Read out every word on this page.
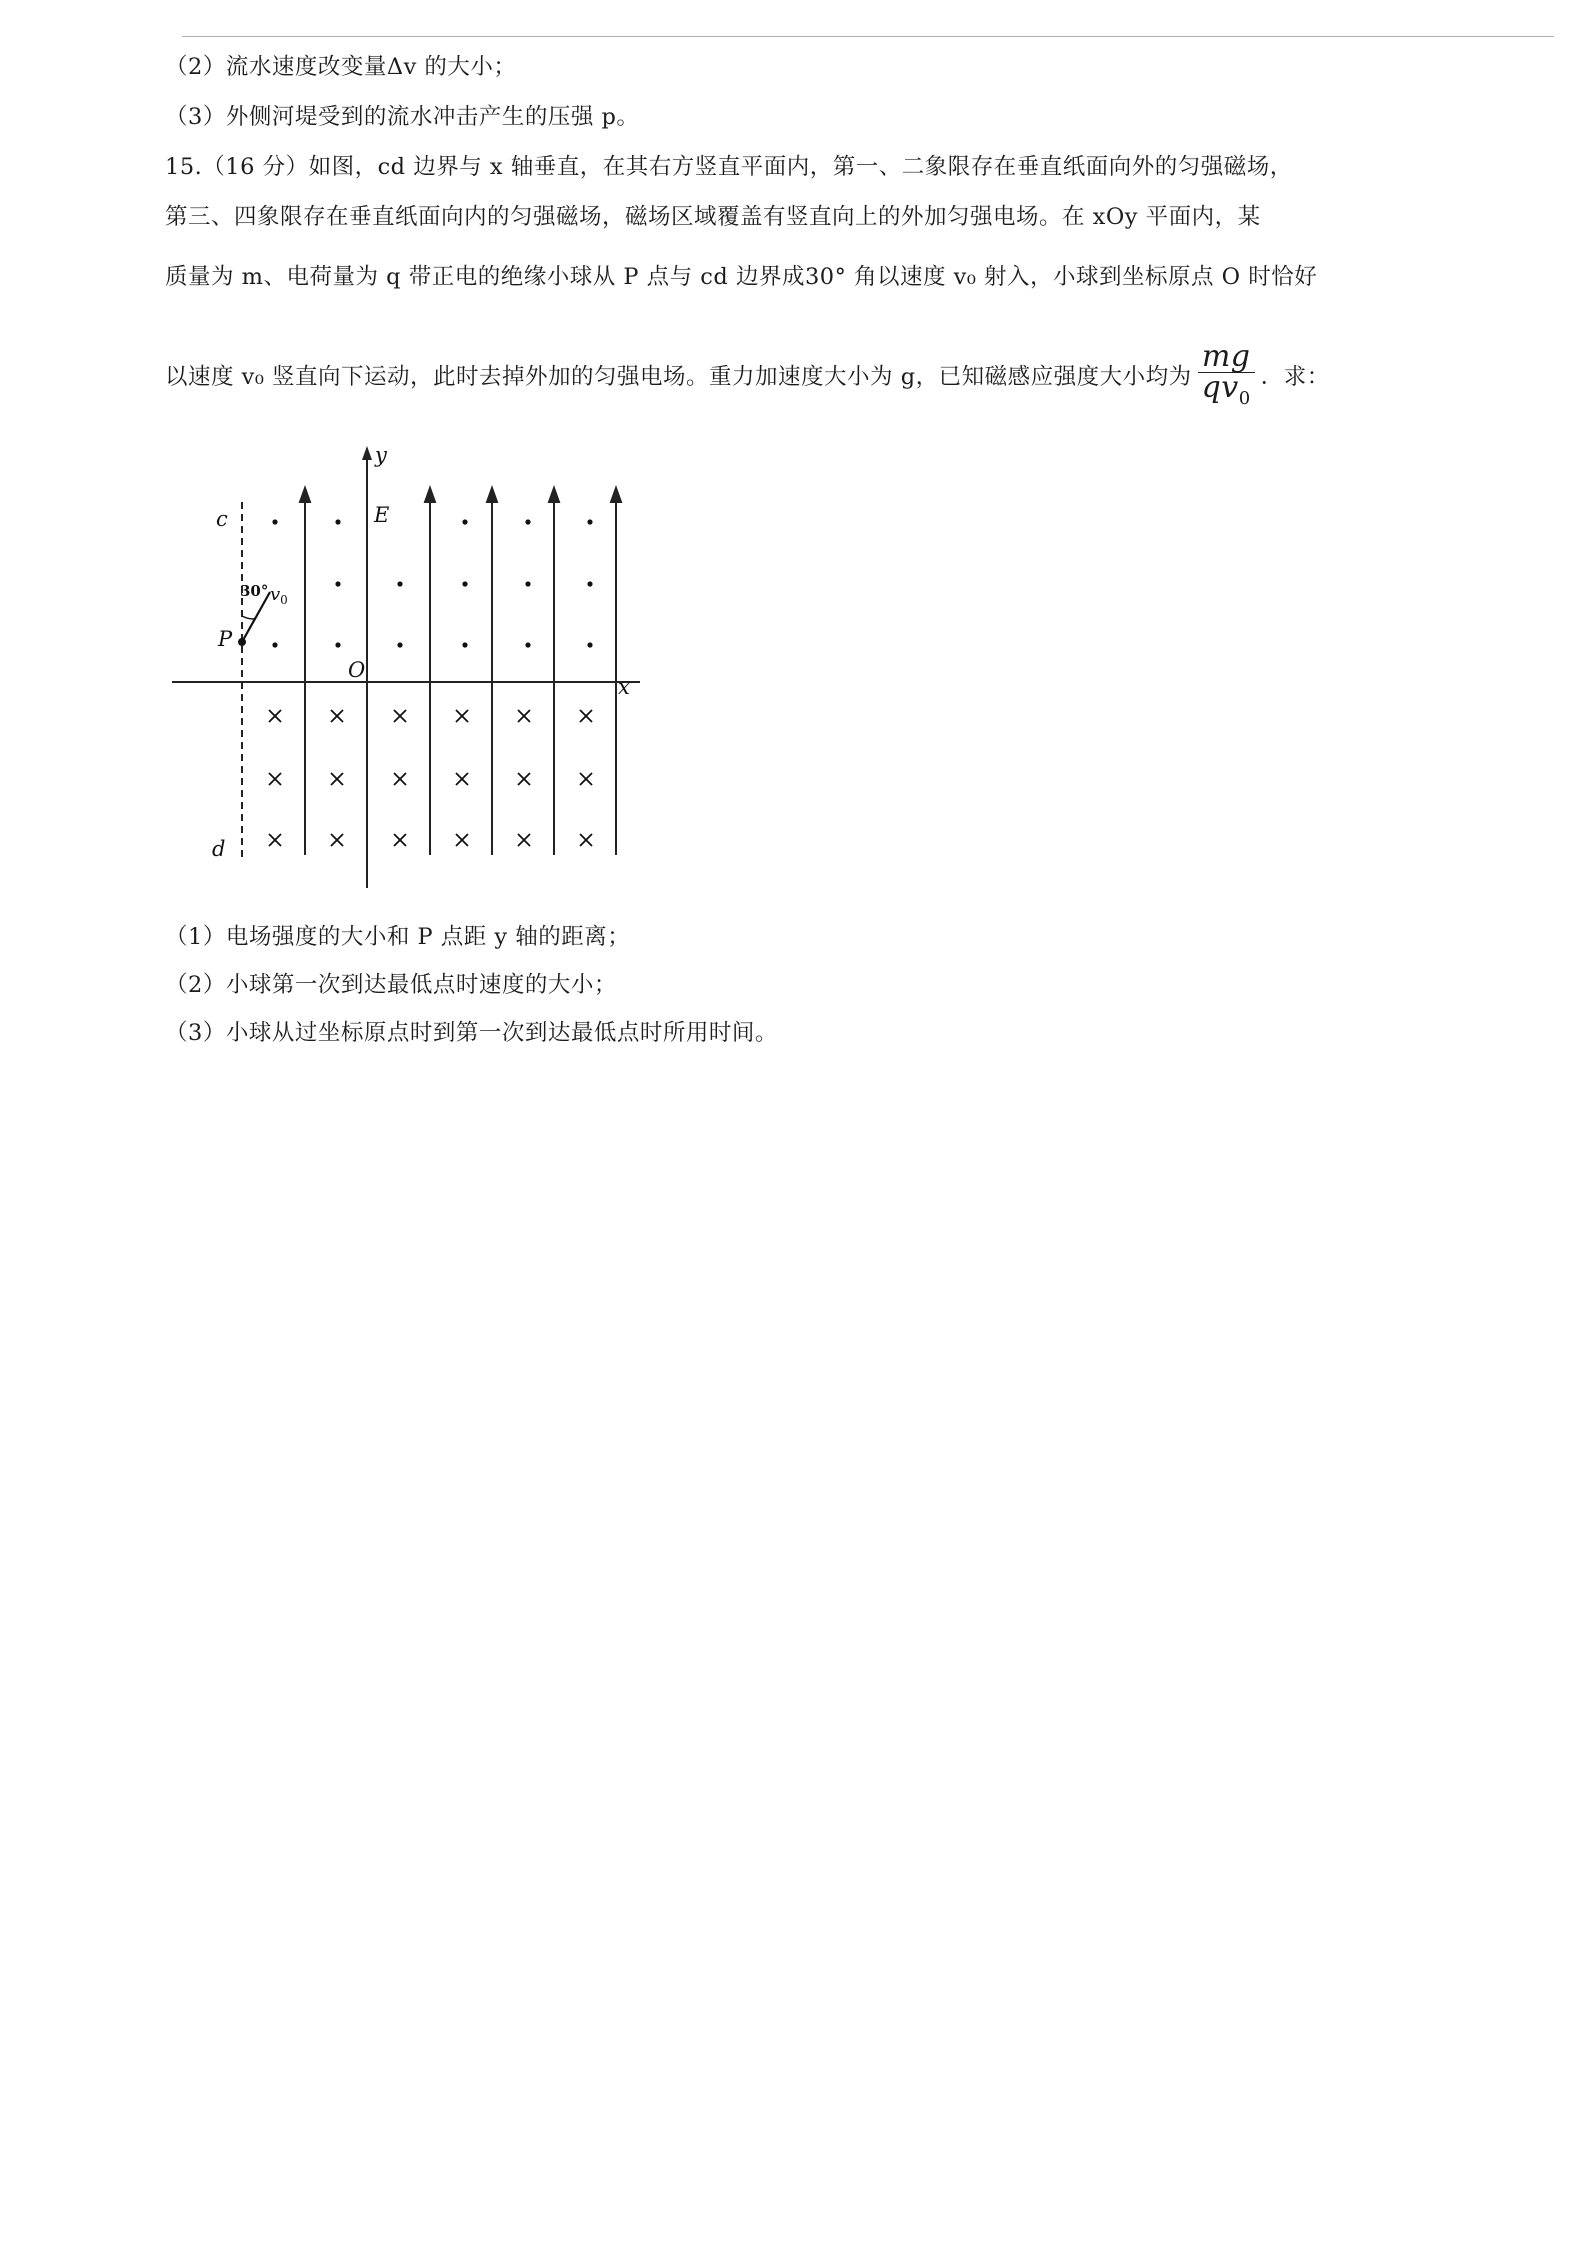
（2）流水速度改变量Δv 的大小；
（3）外侧河堤受到的流水冲击产生的压强 p。
15.（16 分）如图，cd 边界与 x 轴垂直，在其右方竖直平面内，第一、二象限存在垂直纸面向外的匀强磁场，
第三、四象限存在垂直纸面向内的匀强磁场，磁场区域覆盖有竖直向上的外加匀强电场。在 xOy 平面内，某
质量为 m、电荷量为 q 带正电的绝缘小球从 P 点与 cd 边界成30° 角以速度 v₀ 射入，小球到坐标原点 O 时恰好
以速度 v₀ 竖直向下运动，此时去掉外加的匀强电场。重力加速度大小为 g，已知磁感应强度大小均为 $\frac{mg}{qv_0}$ ．求：
y
x
c
d
O
E
P
30° $v_0$
（1）电场强度的大小和 P 点距 y 轴的距离；
（2）小球第一次到达最低点时速度的大小；
（3）小球从过坐标原点时到第一次到达最低点时所用时间。
